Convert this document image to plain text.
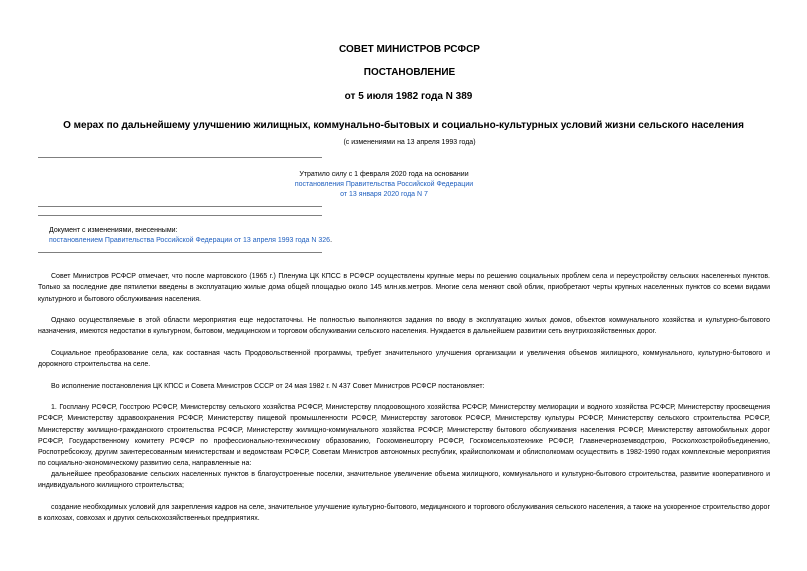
СОВЕТ МИНИСТРОВ РСФСР
ПОСТАНОВЛЕНИЕ
от 5 июля 1982 года N 389
О мерах по дальнейшему улучшению жилищных, коммунально-бытовых и социально-культурных условий жизни сельского населения
(с изменениями на 13 апреля 1993 года)
Утратило силу с 1 февраля 2020 года на основании
постановления Правительства Российской Федерации
от 13 января 2020 года N 7
Документ с изменениями, внесенными:
постановлением Правительства Российской Федерации от 13 апреля 1993 года N 326.
Совет Министров РСФСР отмечает, что после мартовского (1965 г.) Пленума ЦК КПСС в РСФСР осуществлены крупные меры по решению социальных проблем села и переустройству сельских населенных пунктов. Только за последние две пятилетки введены в эксплуатацию жилые дома общей площадью около 145 млн.кв.метров. Многие села меняют свой облик, приобретают черты крупных населенных пунктов со всеми видами культурного и бытового обслуживания населения.
Однако осуществляемые в этой области мероприятия еще недостаточны. Не полностью выполняются задания по вводу в эксплуатацию жилых домов, объектов коммунального хозяйства и культурно-бытового назначения, имеются недостатки в культурном, бытовом, медицинском и торговом обслуживании сельского населения. Нуждается в дальнейшем развитии сеть внутрихозяйственных дорог.
Социальное преобразование села, как составная часть Продовольственной программы, требует значительного улучшения организации и увеличения объемов жилищного, коммунального, культурно-бытового и дорожного строительства на селе.
Во исполнение постановления ЦК КПСС и Совета Министров СССР от 24 мая 1982 г. N 437 Совет Министров РСФСР постановляет:
1. Госплану РСФСР, Госстрою РСФСР, Министерству сельского хозяйства РСФСР, Министерству плодоовощного хозяйства РСФСР, Министерству мелиорации и водного хозяйства РСФСР, Министерству просвещения РСФСР, Министерству здравоохранения РСФСР, Министерству пищевой промышленности РСФСР, Министерству заготовок РСФСР, Министерству культуры РСФСР, Министерству сельского строительства РСФСР, Министерству жилищно-гражданского строительства РСФСР, Министерству жилищно-коммунального хозяйства РСФСР, Министерству бытового обслуживания населения РСФСР, Министерству автомобильных дорог РСФСР, Государственному комитету РСФСР по профессионально-техническому образованию, Госкомвнешторгу РСФСР, Госкомсельхозтехнике РСФСР, Главнечерноземводстрою, Росколхозстройобъединению, Роспотребсоюзу, другим заинтересованным министерствам и ведомствам РСФСР, Советам Министров автономных республик, крайисполкомам и облисполкомам осуществить в 1982-1990 годах комплексные мероприятия по социально-экономическому развитию села, направленные на:
дальнейшее преобразование сельских населенных пунктов в благоустроенные поселки, значительное увеличение объема жилищного, коммунального и культурно-бытового строительства, развитие кооперативного и индивидуального жилищного строительства;
создание необходимых условий для закрепления кадров на селе, значительное улучшение культурно-бытового, медицинского и торгового обслуживания сельского населения, а также на ускоренное строительство дорог в колхозах, совхозах и других сельскохозяйственных предприятиях.
